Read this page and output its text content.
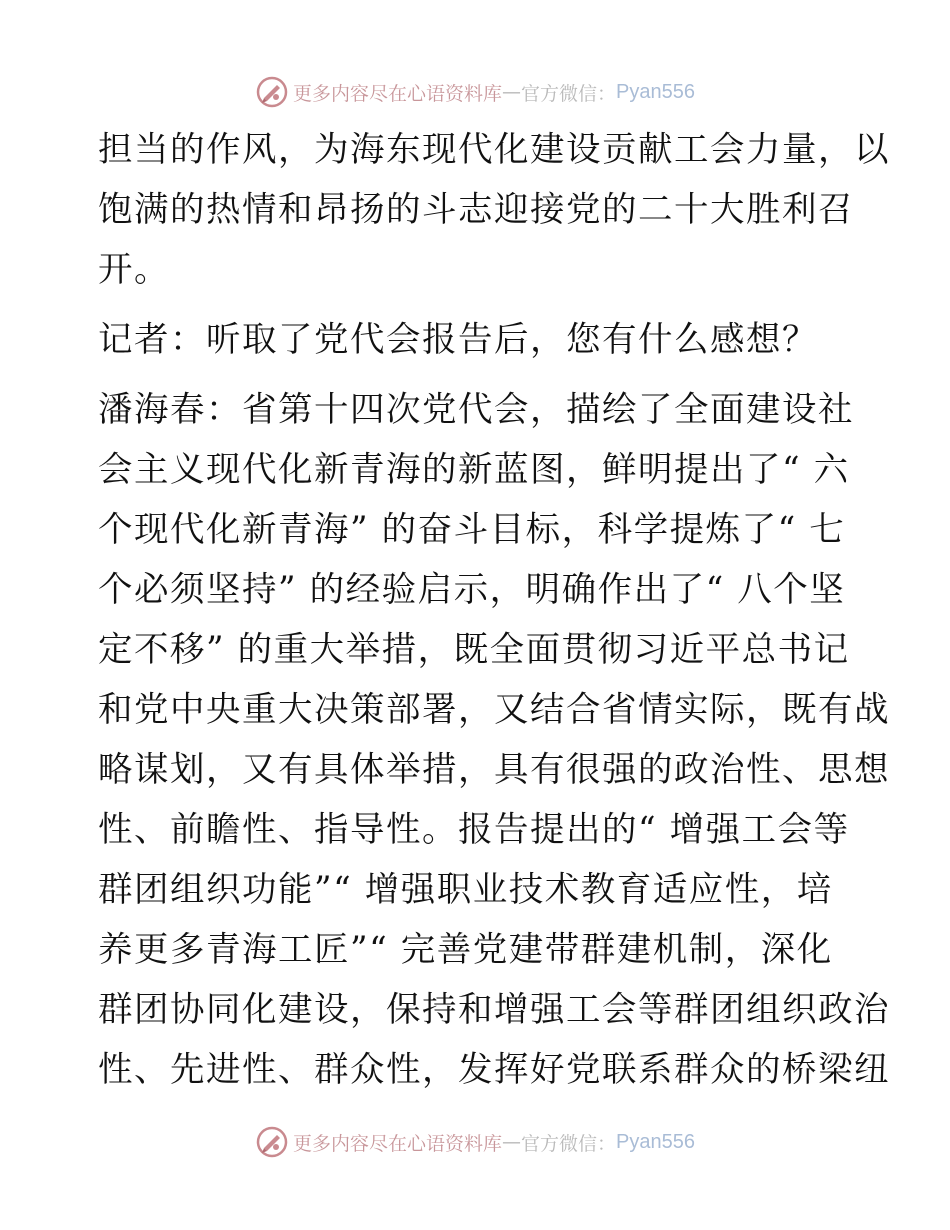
更多内容尽在心语资料库 — 官方微信： Pyan556
担当的作风，为海东现代化建设贡献工会力量，以
饱满的热情和昂扬的斗志迎接党的二十大胜利召
开。
记者：听取了党代会报告后，您有什么感想？
潘海春：省第十四次党代会，描绘了全面建设社
会主义现代化新青海的新蓝图，鲜明提出了“ 六
个现代化新青海” 的奋斗目标，科学提炼了“ 七
个必须坚持” 的经验启示，明确作出了“ 八个坚
定不移” 的重大举措，既全面贯彻习近平总书记
和党中央重大决策部署，又结合省情实际，既有战
略谋划，又有具体举措，具有很强的政治性、思想
性、前瞻性、指导性。报告提出的“ 增强工会等
群团组织功能”“ 增强职业技术教育适应性，培
养更多青海工匠”“ 完善党建带群建机制，深化
群团协同化建设，保持和增强工会等群团组织政治
性、先进性、群众性，发挥好党联系群众的桥梁纽
更多内容尽在心语资料库 — 官方微信： Pyan556
